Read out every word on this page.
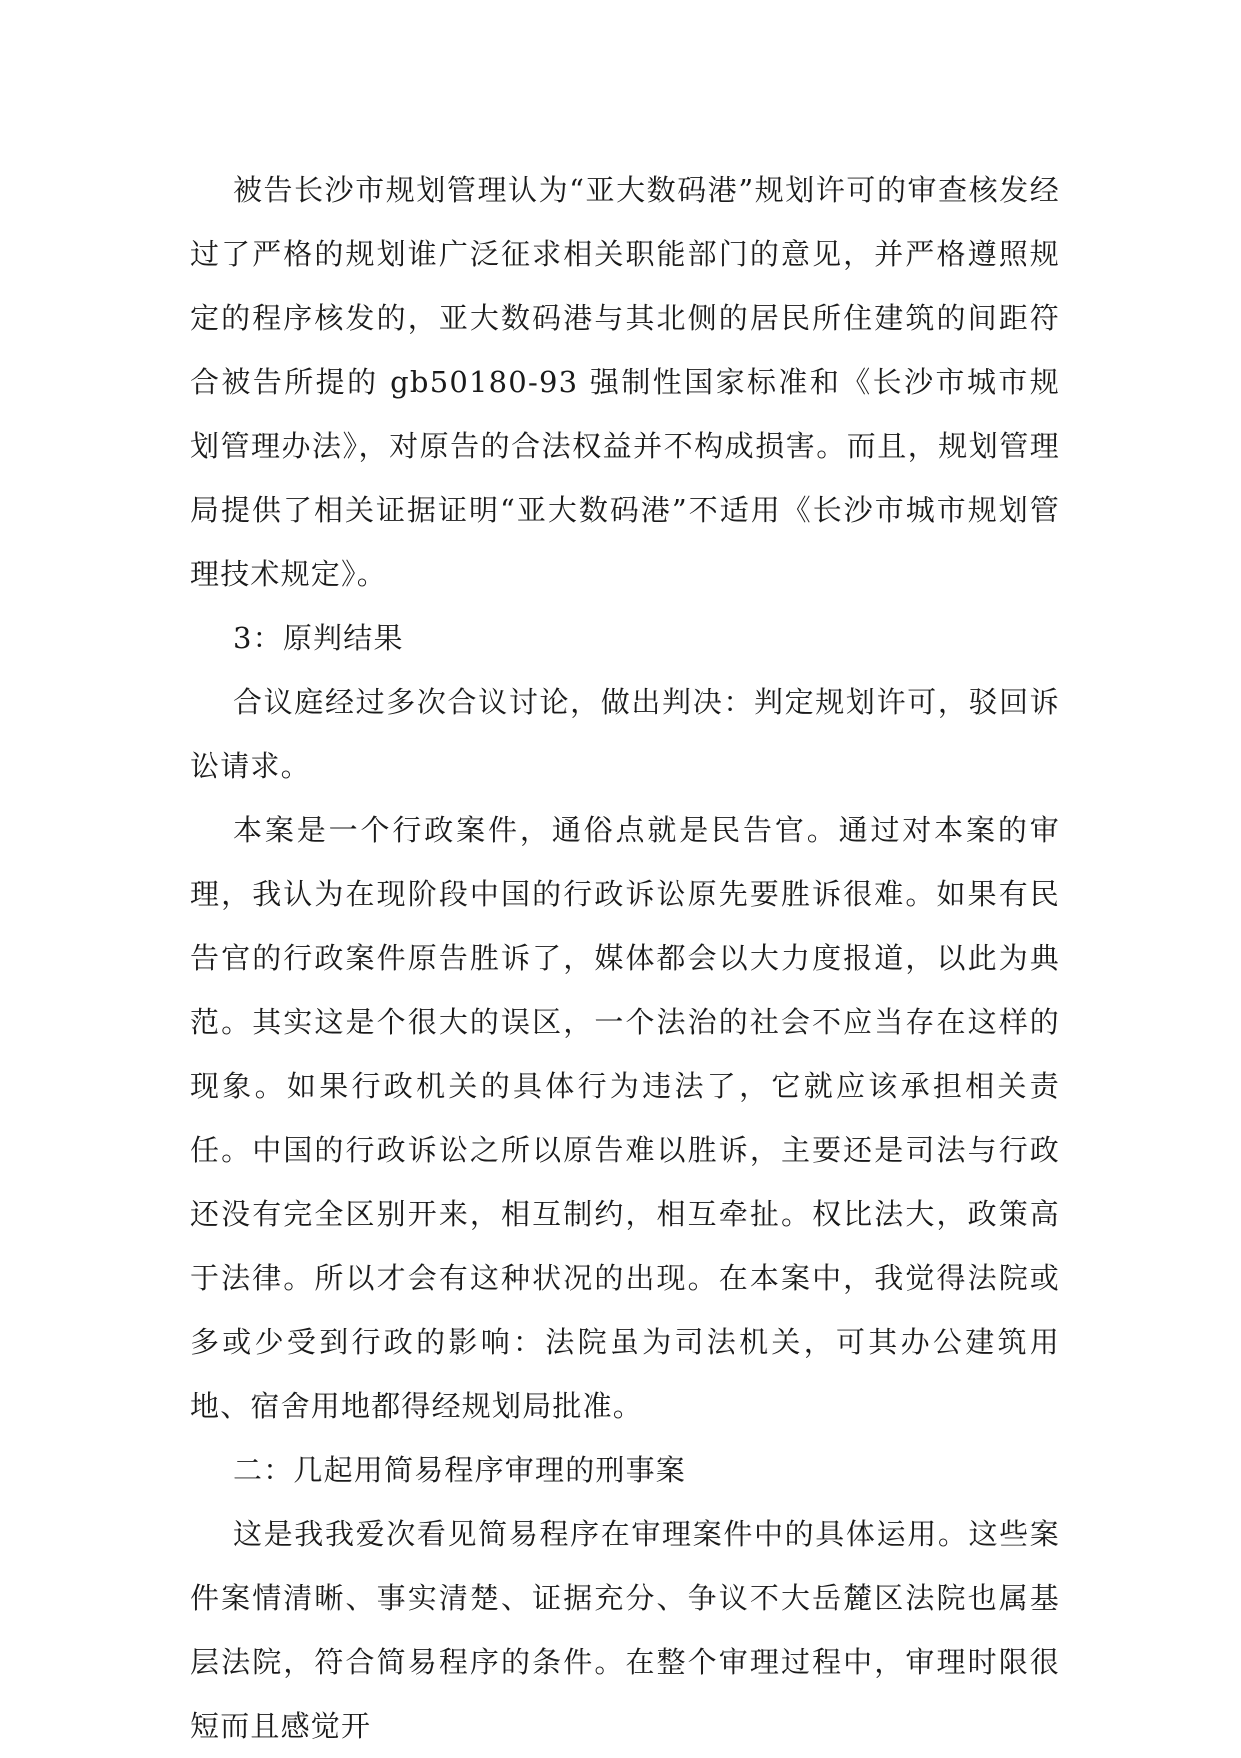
被告长沙市规划管理认为“亚大数码港”规划许可的审查核发经过了严格的规划谁广泛征求相关职能部门的意见，并严格遵照规定的程序核发的，亚大数码港与其北侧的居民所住建筑的间距符合被告所提的 gb50180-93 强制性国家标准和《长沙市城市规划管理办法》，对原告的合法权益并不构成损害。而且，规划管理局提供了相关证据证明“亚大数码港”不适用《长沙市城市规划管理技术规定》。

3：原判结果

合议庭经过多次合议讨论，做出判决：判定规划许可，驳回诉讼请求。

本案是一个行政案件，通俗点就是民告官。通过对本案的审理，我认为在现阶段中国的行政诉讼原先要胜诉很难。如果有民告官的行政案件原告胜诉了，媒体都会以大力度报道，以此为典范。其实这是个很大的误区，一个法治的社会不应当存在这样的现象。如果行政机关的具体行为违法了，它就应该承担相关责任。中国的行政诉讼之所以原告难以胜诉，主要还是司法与行政还没有完全区别开来，相互制约，相互牵扯。权比法大，政策高于法律。所以才会有这种状况的出现。在本案中，我觉得法院或多或少受到行政的影响：法院虽为司法机关，可其办公建筑用地、宿舍用地都得经规划局批准。

二：几起用简易程序审理的刑事案

这是我我爱次看见简易程序在审理案件中的具体运用。这些案件案情清晰、事实清楚、证据充分、争议不大岳麓区法院也属基层法院，符合简易程序的条件。在整个审理过程中，审理时限很短而且感觉开
